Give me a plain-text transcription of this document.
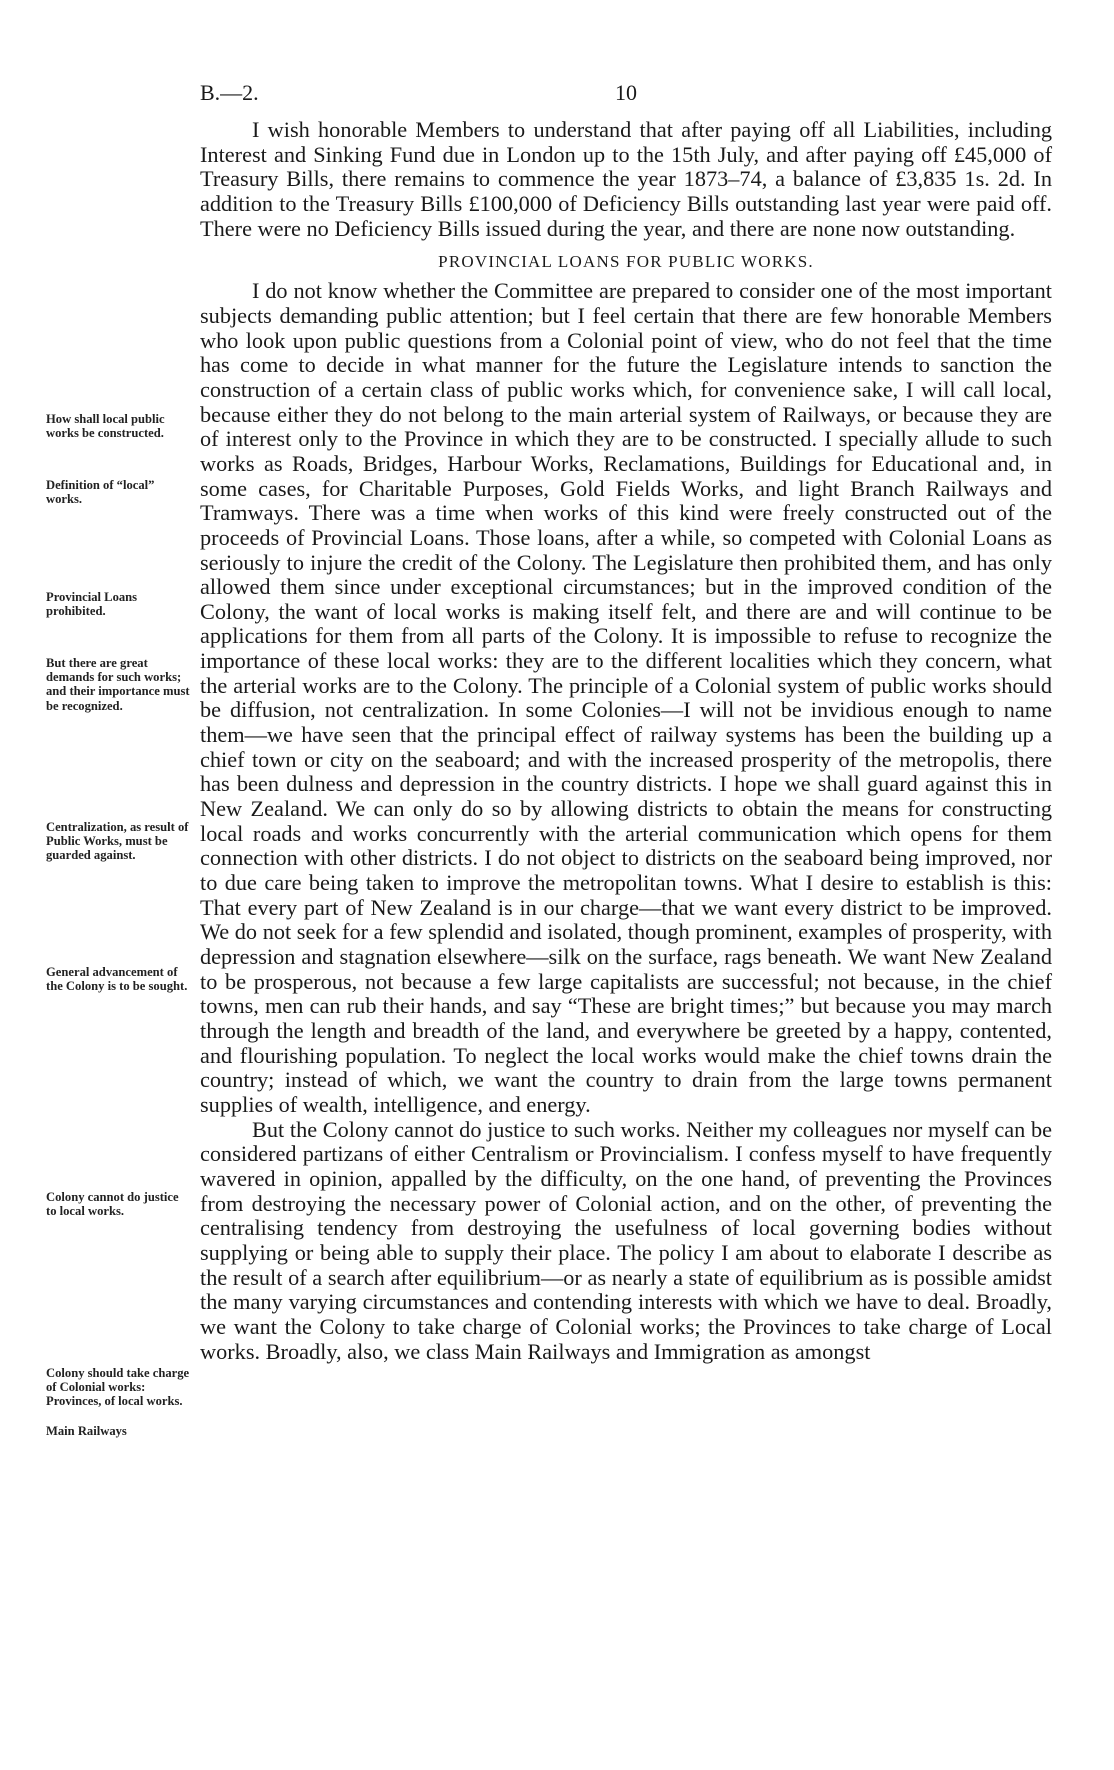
B.—2.	10

I wish honorable Members to understand that after paying off all Liabilities, including Interest and Sinking Fund due in London up to the 15th July, and after paying off £45,000 of Treasury Bills, there remains to commence the year 1873–74, a balance of £3,835 1s. 2d. In addition to the Treasury Bills £100,000 of Deficiency Bills outstanding last year were paid off. There were no Deficiency Bills issued during the year, and there are none now outstanding.

PROVINCIAL LOANS FOR PUBLIC WORKS.

I do not know whether the Committee are prepared to consider one of the most important subjects demanding public attention; but I feel certain that there are few honorable Members who look upon public questions from a Colonial point of view, who do not feel that the time has come to decide in what manner for the future the Legislature intends to sanction the construction of a certain class of public works which, for convenience sake, I will call local, because either they do not belong to the main arterial system of Railways, or because they are of interest only to the Province in which they are to be constructed. I specially allude to such works as Roads, Bridges, Harbour Works, Reclamations, Buildings for Educational and, in some cases, for Charitable Purposes, Gold Fields Works, and light Branch Railways and Tramways. There was a time when works of this kind were freely constructed out of the proceeds of Provincial Loans. Those loans, after a while, so competed with Colonial Loans as seriously to injure the credit of the Colony. The Legislature then prohibited them, and has only allowed them since under exceptional circumstances; but in the improved condition of the Colony, the want of local works is making itself felt, and there are and will continue to be applications for them from all parts of the Colony. It is impossible to refuse to recognize the importance of these local works: they are to the different localities which they concern, what the arterial works are to the Colony. The principle of a Colonial system of public works should be diffusion, not centralization. In some Colonies—I will not be invidious enough to name them—we have seen that the principal effect of railway systems has been the building up a chief town or city on the seaboard; and with the increased prosperity of the metropolis, there has been dulness and depression in the country districts. I hope we shall guard against this in New Zealand. We can only do so by allowing districts to obtain the means for constructing local roads and works concurrently with the arterial communication which opens for them connection with other districts. I do not object to districts on the seaboard being improved, nor to due care being taken to improve the metropolitan towns. What I desire to establish is this: That every part of New Zealand is in our charge—that we want every district to be improved. We do not seek for a few splendid and isolated, though prominent, examples of prosperity, with depression and stagnation elsewhere—silk on the surface, rags beneath. We want New Zealand to be prosperous, not because a few large capitalists are successful; not because, in the chief towns, men can rub their hands, and say “These are bright times;” but because you may march through the length and breadth of the land, and everywhere be greeted by a happy, contented, and flourishing population. To neglect the local works would make the chief towns drain the country; instead of which, we want the country to drain from the large towns permanent supplies of wealth, intelligence, and energy.

But the Colony cannot do justice to such works. Neither my colleagues nor myself can be considered partizans of either Centralism or Provincialism. I confess myself to have frequently wavered in opinion, appalled by the difficulty, on the one hand, of preventing the Provinces from destroying the necessary power of Colonial action, and on the other, of preventing the centralising tendency from destroying the usefulness of local governing bodies without supplying or being able to supply their place. The policy I am about to elaborate I describe as the result of a search after equilibrium—or as nearly a state of equilibrium as is possible amidst the many varying circumstances and contending interests with which we have to deal. Broadly, we want the Colony to take charge of Colonial works; the Provinces to take charge of Local works. Broadly, also, we class Main Railways and Immigration as amongst

How shall local public works be constructed.
Definition of “local” works.
Provincial Loans prohibited.
But there are great demands for such works; and their importance must be recognized.
Centralization, as result of Public Works, must be guarded against.
General advancement of the Colony is to be sought.
Colony cannot do justice to local works.
Colony should take charge of Colonial works: Provinces, of local works.
Main Railways
